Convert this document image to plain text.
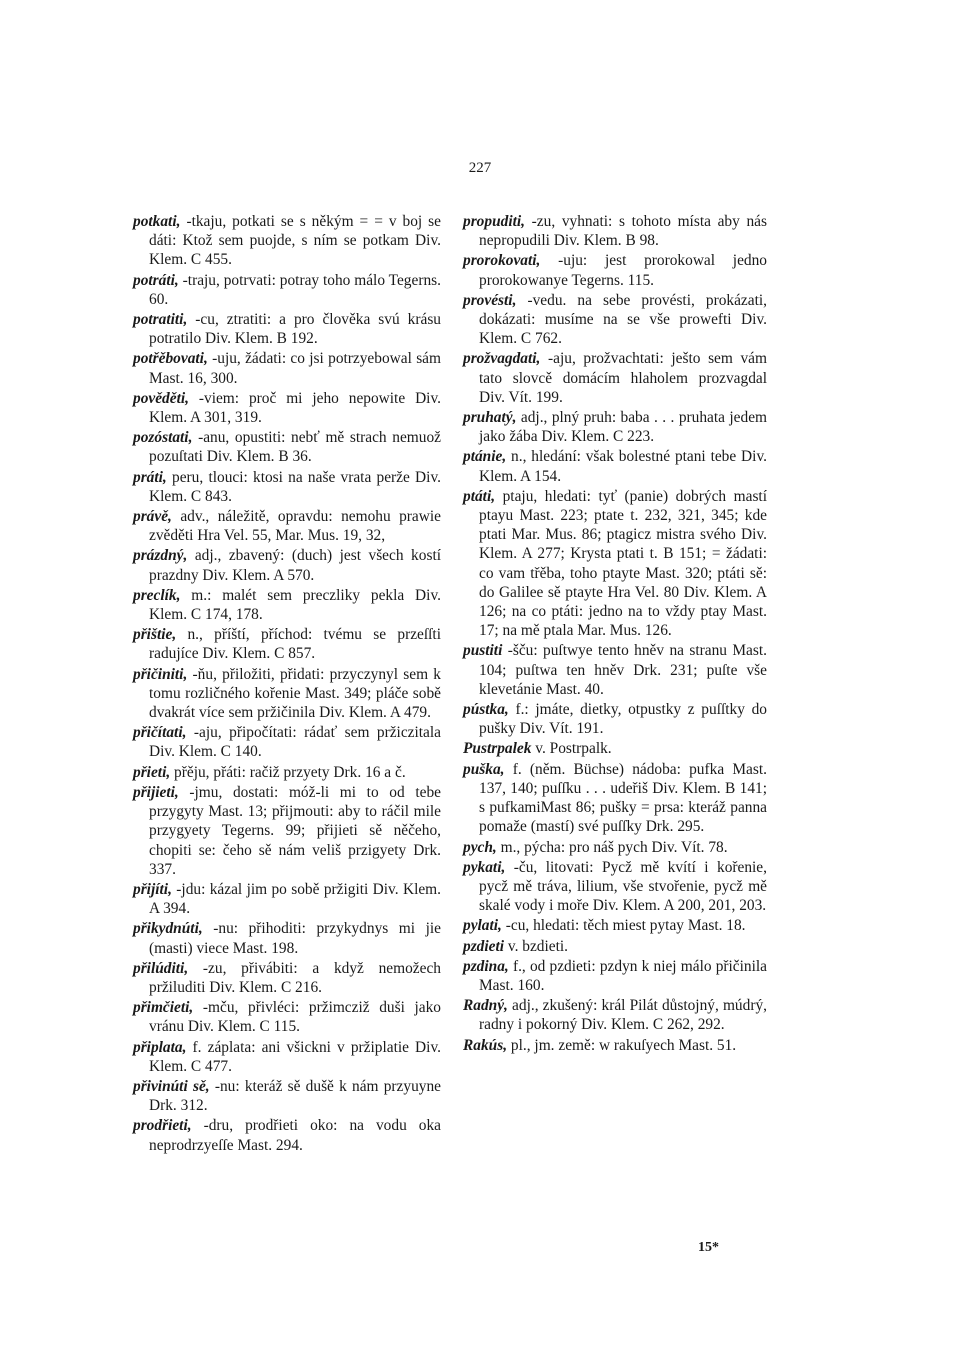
227

potkati, -tkaju, potkati se s někým = = v boj se dáti: Ktož sem puojde, s ním se potkam Div. Klem. C 455.

potráti, -traju, potrvati: potray toho málo Tegerns. 60.

potratiti, -cu, ztratiti: a pro člověka svú krásu potratilo Div. Klem. B 192.

potřěbovati, -uju, žádati: co jsi potrzyebowal sám Mast. 16, 300.

pověděti, -viem: proč mi jeho nepowite Div. Klem. A 301, 319.

pozóstati, -anu, opustiti: nebť mě strach nemuož pozuſtati Div. Klem. B 36.

práti, peru, tlouci: ktosi na naše vrata perže Div. Klem. C 843.

právě, adv., náležitě, opravdu: nemohu prawie zvěděti Hra Vel. 55, Mar. Mus. 19, 32,

prázdný, adj., zbavený: (duch) jest všech kostí prazdny Div. Klem. A 570.

preclík, m.: malét sem preczliky pekla Div. Klem. C 174, 178.

přištie, n., příští, příchod: tvému se przeſſti radujíce Div. Klem. C 857.

přičiniti, -ňu, přiložiti, přidati: przyczynyl sem k tomu rozličného kořenie Mast. 349; pláče sobě dvakrát více sem pržičinila Div. Klem. A 479.

přičítati, -aju, připočítati: rádať sem pržiczitala Div. Klem. C 140.

přieti, přěju, přáti: račiž przyety Drk. 16 a č.

přijieti, -jmu, dostati: móž-li mi to od tebe przygyty Mast. 13; přijmouti: aby to ráčil mile przygyety Tegerns. 99; přijieti sě něčeho, chopiti se: čeho sě nám veliš przigyety Drk. 337.

přijíti, -jdu: kázal jim po sobě pržigiti Div. Klem. A 394.

přikydnúti, -nu: přihoditi: przykydnys mi jie (masti) viece Mast. 198.

přilúditi, -zu, přivábiti: a když nemožech pržiluditi Div. Klem. C 216.

přimčieti, -mču, přivléci: pržimcziž duši jako vránu Div. Klem. C 115.

připlata, f. záplata: ani všickni v pržiplatie Div. Klem. C 477.

přivinúti sě, -nu: kteráž sě dušě k nám przyuyne Drk. 312.

prodřieti, -dru, prodřieti oko: na vodu oka neprodrzyeſſe Mast. 294.

propuditi, -zu, vyhnati: s tohoto místa aby nás nepropudili Div. Klem. B 98.

prorokovati, -uju: jest prorokowal jedno prorokowanye Tegerns. 115.

provésti, -vedu. na sebe provésti, prokázati, dokázati: musíme na se vše prowefti Div. Klem. C 762.

prožvagdati, -aju, prožvachtati: ješto sem vám tato slovcě domácím hlaholem prozvagdal Div. Vít. 199.

pruhatý, adj., plný pruh: baba . . . pruhata jedem jako žába Div. Klem. C 223.

ptánie, n., hledání: však bolestné ptani tebe Div. Klem. A 154.

ptáti, ptaju, hledati: tyť (panie) dobrých mastí ptayu Mast. 223; ptate t. 232, 321, 345; kde ptati Mar. Mus. 86; ptagicz mistra svého Div. Klem. A 277; Krysta ptati t. B 151; = žádati: co vam třěba, toho ptayte Mast. 320; ptáti sě: do Galilee sě ptayte Hra Vel. 80 Div. Klem. A 126; na co ptáti: jedno na to vždy ptay Mast. 17; na mě ptala Mar. Mus. 126.

pustiti -šču: puſtwye tento hněv na stranu Mast. 104; puſtwa ten hněv Drk. 231; puſte vše klevetánie Mast. 40.

pústka, f.: jmáte, dietky, otpustky z puſſtky do pušky Div. Vít. 191.

Pustrpalek v. Postrpalk.

puška, f. (něm. Büchse) nádoba: pufka Mast. 137, 140; puſſku . . . udeřiš Div. Klem. B 141; s pufkamiMast 86; pušky = prsa: kteráž panna pomaže (mastí) své puſſky Drk. 295.

pych, m., pýcha: pro náš pych Div. Vít. 78.

pykati, -ču, litovati: Pycž mě kvítí i kořenie, pycž mě tráva, lilium, vše stvořenie, pycž mě skalé vody i moře Div. Klem. A 200, 201, 203.

pylati, -cu, hledati: těch miest pytay Mast. 18.

pzdieti v. bzdieti.

pzdina, f., od pzdieti: pzdyn k niej málo přičinila Mast. 160.

Radný, adj., zkušený: král Pilát důstojný, múdrý, radny i pokorný Div. Klem. C 262, 292.

Rakús, pl., jm. země: w rakuſyech Mast. 51.

15*
